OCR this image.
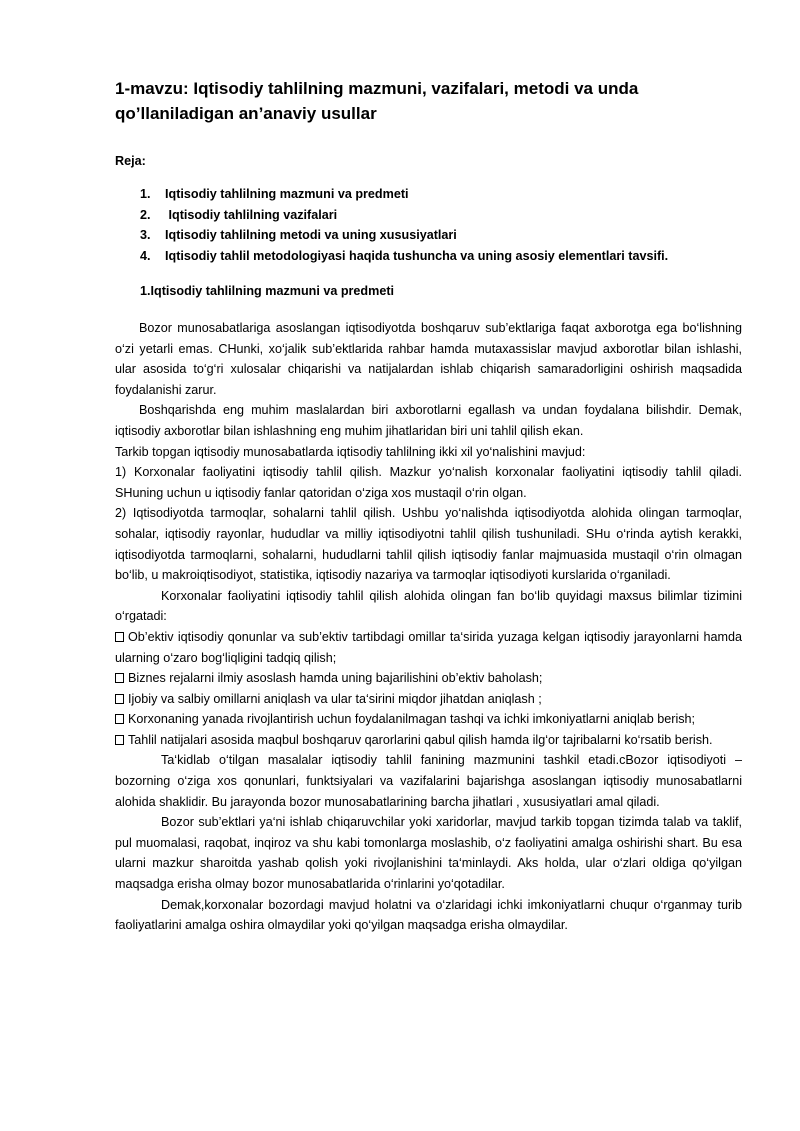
1-mavzu: Iqtisodiy tahlilning mazmuni, vazifalari, metodi va unda qo’llaniladigan an’anaviy usullar
Reja:
1.	Iqtisodiy tahlilning mazmuni va predmeti
2.	Iqtisodiy tahlilning vazifalari
3.	Iqtisodiy tahlilning metodi va uning xususiyatlari
4.	Iqtisodiy tahlil metodologiyasi haqida tushuncha va uning asosiy elementlari tavsifi.
1.Iqtisodiy tahlilning mazmuni va predmeti

Bozor munosabatlariga asoslangan iqtisodiyotda boshqaruv sub’ektlariga faqat axborotga ega bo‘lishning o‘zi yetarli emas. CHunki, xo‘jalik sub’ektlarida rahbar hamda mutaxassislar mavjud axborotlar bilan ishlashi, ular asosida to‘g‘ri xulosalar chiqarishi va natijalardan ishlab chiqarish samaradorligini oshirish maqsadida foydalanishi zarur.

Boshqarishda eng muhim maslalardan biri axborotlarni egallash va undan foydalana bilishdir. Demak, iqtisodiy axborotlar bilan ishlashning eng muhim jihatlaridan biri uni tahlil qilish ekan.

Tarkib topgan iqtisodiy munosabatlarda iqtisodiy tahlilning ikki xil yo‘nalishini mavjud:

1) Korxonalar faoliyatini iqtisodiy tahlil qilish. Mazkur yo‘nalish korxonalar faoliyatini iqtisodiy tahlil qiladi. SHuning uchun u iqtisodiy fanlar qatoridan o‘ziga xos mustaqil o‘rin olgan.

2) Iqtisodiyotda tarmoqlar, sohalarni tahlil qilish. Ushbu yo‘nalishda iqtisodiyotda alohida olingan tarmoqlar, sohalar, iqtisodiy rayonlar, hududlar va milliy iqtisodiyotni tahlil qilish tushuniladi. SHu o‘rinda aytish kerakki, iqtisodiyotda tarmoqlarni, sohalarni, hududlarni tahlil qilish iqtisodiy fanlar majmuasida mustaqil o‘rin olmagan bo‘lib, u makroiqtisodiyot, statistika, iqtisodiy nazariya va tarmoqlar iqtisodiyoti kurslarida o‘rganiladi.

Korxonalar faoliyatini iqtisodiy tahlil qilish alohida olingan fan bo‘lib quyidagi maxsus bilimlar tizimini o‘rgatadi:

Ob’ektiv iqtisodiy qonunlar va sub’ektiv tartibdagi omillar ta‘sirida yuzaga kelgan iqtisodiy jarayonlarni hamda ularning o‘zaro bog‘liqligini tadqiq qilish;

Biznes rejalarni ilmiy asoslash hamda uning bajarilishini ob’ektiv baholash;

Ijobiy va salbiy omillarni aniqlash va ular ta‘sirini miqdor jihatdan aniqlash ;

Korxonaning yanada rivojlantirish uchun foydalanilmagan tashqi va ichki imkoniyatlarni aniqlab berish;

Tahlil natijalari asosida maqbul boshqaruv qarorlarini qabul qilish hamda ilg‘or tajribalarni ko‘rsatib berish.

Ta‘kidlab o‘tilgan masalalar iqtisodiy tahlil fanining mazmunini tashkil etadi.cBozor iqtisodiyoti – bozorning o‘ziga xos qonunlari, funktsiyalari va vazifalarini bajarishga asoslangan iqtisodiy munosabatlarni alohida shaklidir. Bu jarayonda bozor munosabatlarining barcha jihatlari , xususiyatlari amal qiladi.

Bozor sub’ektlari ya‘ni ishlab chiqaruvchilar yoki xaridorlar, mavjud tarkib topgan tizimda talab va taklif, pul muomalasi, raqobat, inqiroz va shu kabi tomonlarga moslashib, o‘z faoliyatini amalga oshirishi shart. Bu esa ularni mazkur sharoitda yashab qolish yoki rivojlanishini ta‘minlaydi. Aks holda, ular o‘zlari oldiga qo‘yilgan maqsadga erisha olmay bozor munosabatlarida o‘rinlarini yo‘qotadilar.

Demak,korxonalar bozordagi mavjud holatni va o‘zlaridagi ichki imkoniyatlarni chuqur o‘rganmay turib faoliyatlarini amalga oshira olmaydilar yoki qo‘yilgan maqsadga erisha olmaydilar.
